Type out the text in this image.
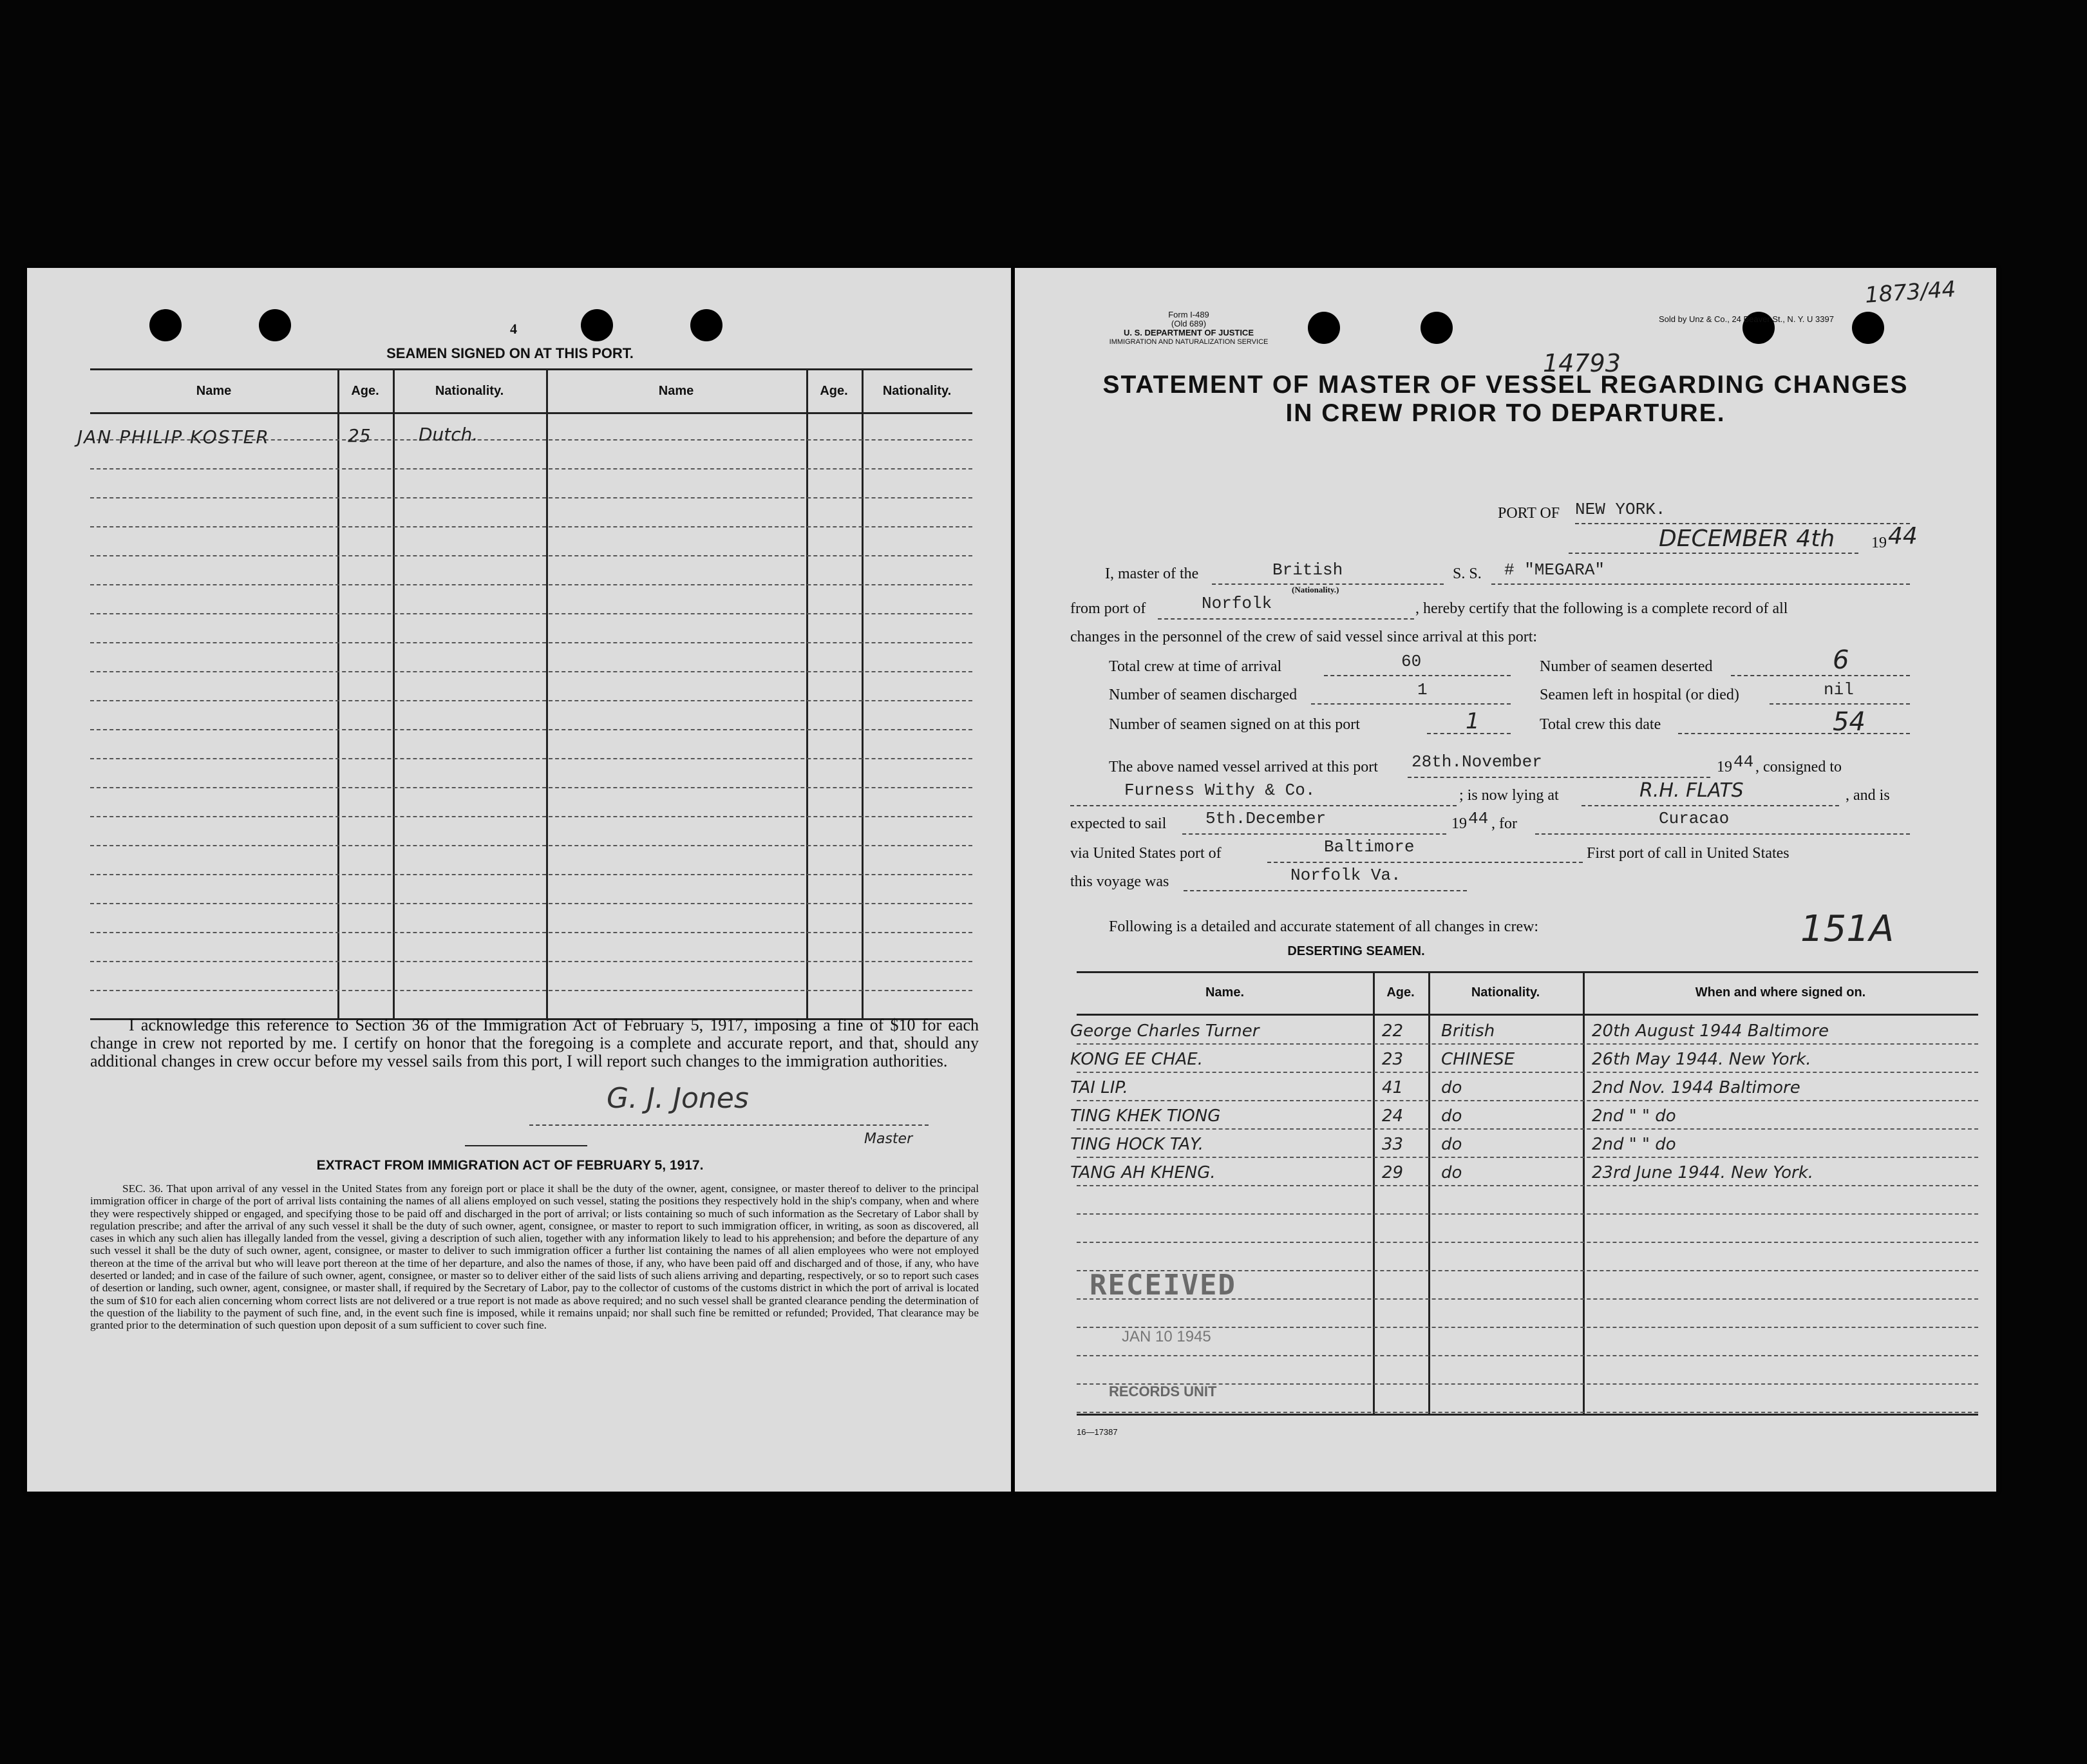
4
SEAMEN SIGNED ON AT THIS PORT.
Name	Age.	Nationality.	Name	Age.	Nationality.
JAN PHILIP KOSTER	25	Dutch.
I acknowledge this reference to Section 36 of the Immigration Act of February 5, 1917, imposing a fine of $10 for each change in crew not reported by me. I certify on honor that the foregoing is a complete and accurate report, and that, should any additional changes in crew occur before my vessel sails from this port, I will report such changes to the immigration authorities.
G. J. Jones
Master
EXTRACT FROM IMMIGRATION ACT OF FEBRUARY 5, 1917.
SEC. 36. That upon arrival of any vessel in the United States from any foreign port or place it shall be the duty of the owner, agent, consignee, or master thereof to deliver to the principal immigration officer in charge of the port of arrival lists containing the names of all aliens employed on such vessel, stating the positions they respectively hold in the ship's company, when and where they were respectively shipped or engaged, and specifying those to be paid off and discharged in the port of arrival; or lists containing so much of such information as the Secretary of Labor shall by regulation prescribe; and after the arrival of any such vessel it shall be the duty of such owner, agent, consignee, or master to report to such immigration officer, in writing, as soon as discovered, all cases in which any such alien has illegally landed from the vessel, giving a description of such alien, together with any information likely to lead to his apprehension; and before the departure of any such vessel it shall be the duty of such owner, agent, consignee, or master to deliver to such immigration officer a further list containing the names of all alien employees who were not employed thereon at the time of the arrival but who will leave port thereon at the time of her departure, and also the names of those, if any, who have been paid off and discharged and of those, if any, who have deserted or landed; and in case of the failure of such owner, agent, consignee, or master so to deliver either of the said lists of such aliens arriving and departing, respectively, or so to report such cases of desertion or landing, such owner, agent, consignee, or master shall, if required by the Secretary of Labor, pay to the collector of customs of the customs district in which the port of arrival is located the sum of $10 for each alien concerning whom correct lists are not delivered or a true report is not made as above required; and no such vessel shall be granted clearance pending the determination of the question of the liability to the payment of such fine, and, in the event such fine is imposed, while it remains unpaid; nor shall such fine be remitted or refunded; Provided, That clearance may be granted prior to the determination of such question upon deposit of a sum sufficient to cover such fine.
Form I-489
(Old 689)
U. S. DEPARTMENT OF JUSTICE
IMMIGRATION AND NATURALIZATION SERVICE
Sold by Unz & Co., 24 Beaver St., N. Y. U 3397
1873/44
14793
STATEMENT OF MASTER OF VESSEL REGARDING CHANGES
IN CREW PRIOR TO DEPARTURE.
PORT OF NEW YORK.
DECEMBER 4th 19 44
I, master of the	British
(Nationality.)
S. S. # "MEGARA"
from port of	Norfolk	, hereby certify that the following is a complete record of all
changes in the personnel of the crew of said vessel since arrival at this port:
Total crew at time of arrival	60	Number of seamen deserted	6
Number of seamen discharged	1	Seamen left in hospital (or died)	nil
Number of seamen signed on at this port	1	Total crew this date	54
The above named vessel arrived at this port 28th.November	19 44 , consigned to
Furness Withy & Co.	; is now lying at	R.H. FLATS	, and is
expected to sail 5th.December	19 44 , for	Curacao
via United States port of	Baltimore	First port of call in United States
this voyage was	Norfolk Va.
Following is a detailed and accurate statement of all changes in crew:
DESERTING SEAMEN.
151A
Name.	Age.	Nationality.	When and where signed on.
George Charles Turner	22 British	20th August 1944 Baltimore
KONG EE CHAE.	23 CHINESE	26th May 1944. New York.
TAI LIP.	41 do	2nd Nov. 1944 Baltimore
TING KHEK TIONG	24 do	2nd " " do
TING HOCK TAY.	33 do	2nd " " do
TANG AH KHENG.	29 do	23rd June 1944. New York.
RECEIVED
JAN 10 1945
RECORDS UNIT
16—17387
